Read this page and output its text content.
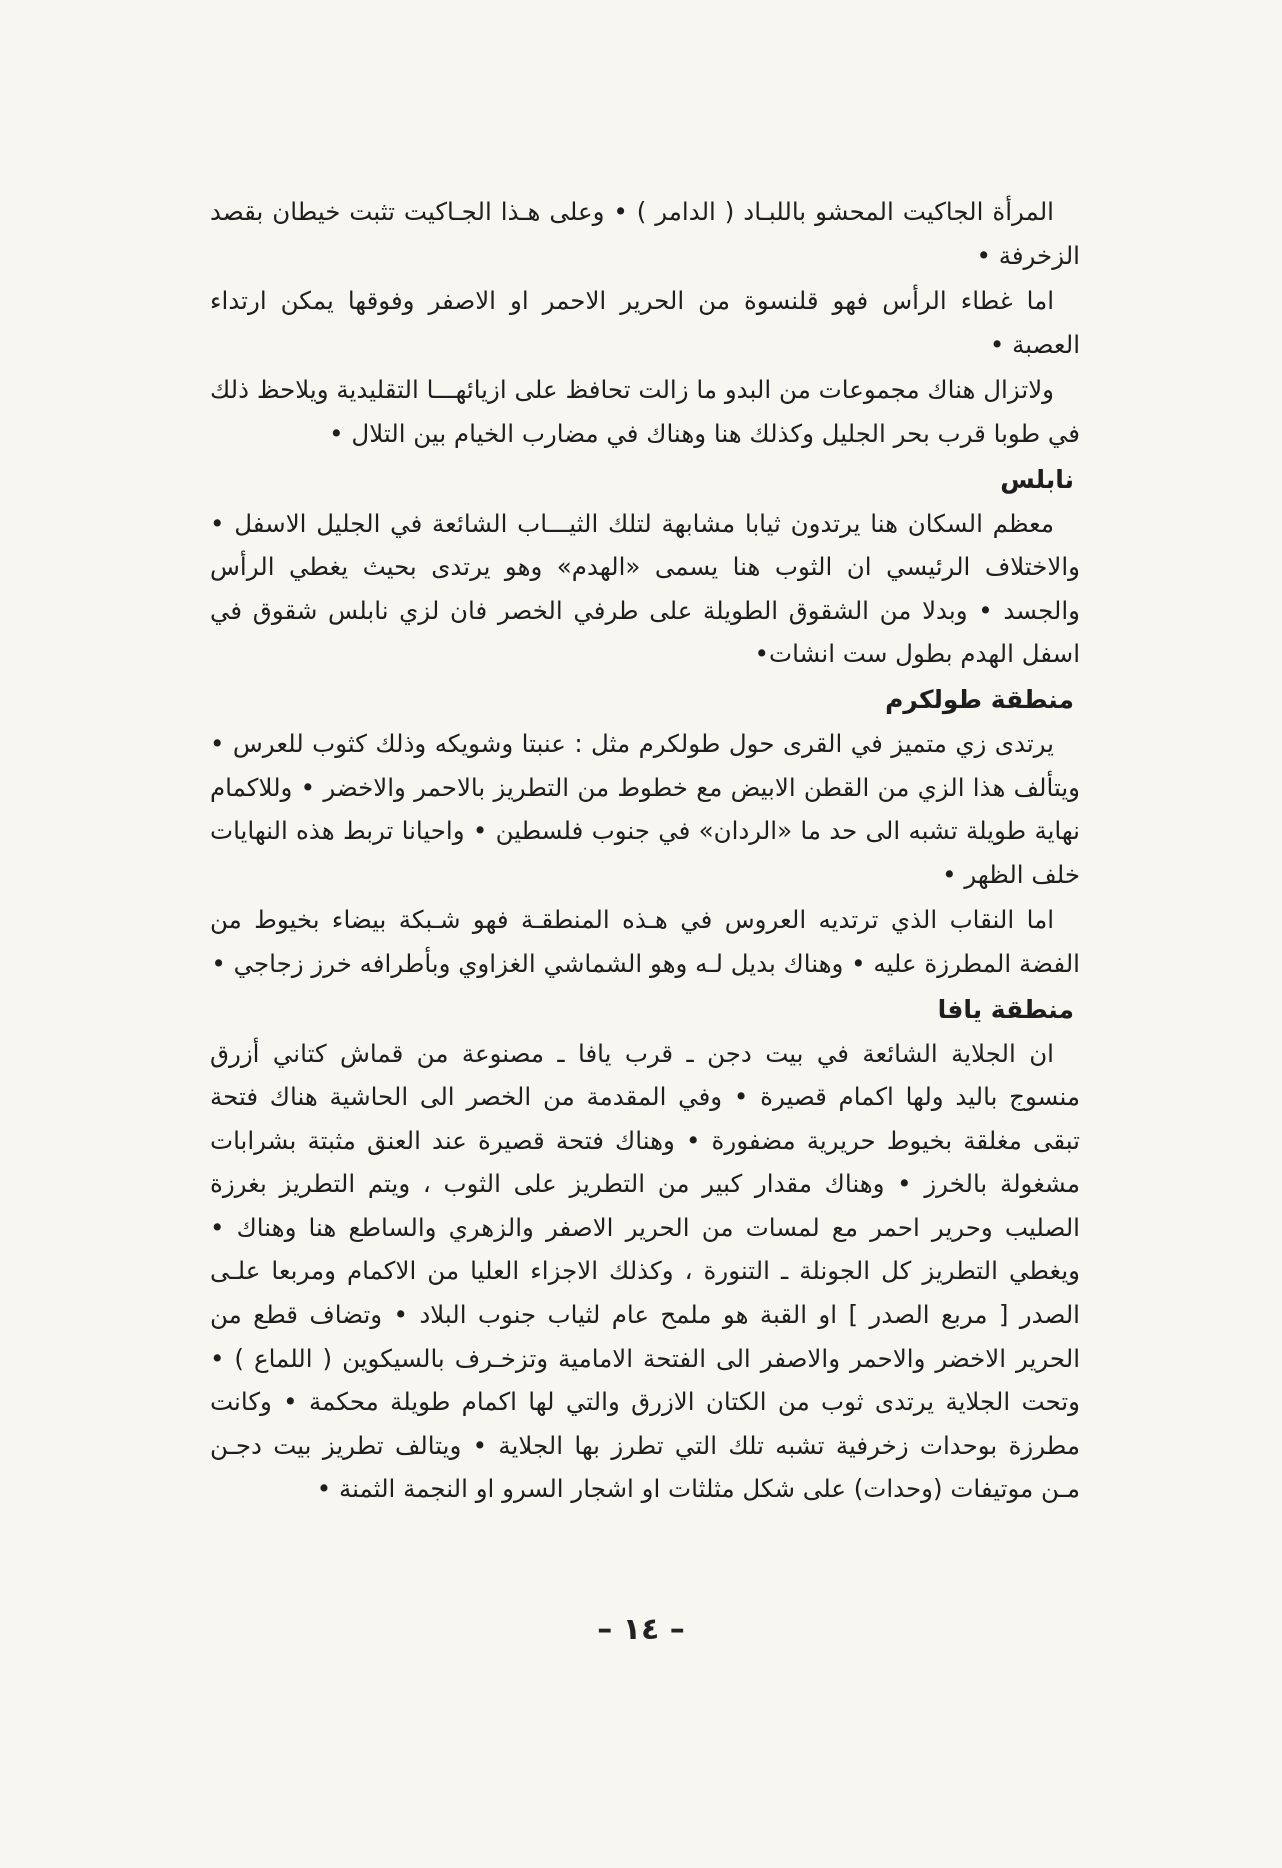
المرأة الجاكيت المحشو باللبـاد ( الدامر ) • وعلى هـذا الجـاكيت تثبت خيطان بقصد الزخرفة •

اما غطاء الرأس فهو قلنسوة من الحرير الاحمر او الاصفر وفوقها يمكن ارتداء العصبة •

ولاتزال هناك مجموعات من البدو ما زالت تحافظ على ازيائهـــا التقليدية ويلاحظ ذلك في طوبا قرب بحر الجليل وكذلك هنا وهناك في مضارب الخيام بين التلال •

نابلس

معظم السكان هنا يرتدون ثيابا مشابهة لتلك الثيـــاب الشائعة في الجليل الاسفل • والاختلاف الرئيسي ان الثوب هنا يسمى «الهدم» وهو يرتدى بحيث يغطي الرأس والجسد • وبدلا من الشقوق الطويلة على طرفي الخصر فان لزي نابلس شقوق في اسفل الهدم بطول ست انشات•

منطقة طولكرم

يرتدى زي متميز في القرى حول طولكرم مثل : عنبتا وشويكه وذلك كثوب للعرس • ويتألف هذا الزي من القطن الابيض مع خطوط من التطريز بالاحمر والاخضر • وللاكمام نهاية طويلة تشبه الى حد ما «الردان» في جنوب فلسطين • واحيانا تربط هذه النهايات خلف الظهر •

اما النقاب الذي ترتديه العروس في هـذه المنطقـة فهو شـبكة بيضاء بخيوط من الفضة المطرزة عليه • وهناك بديل لـه وهو الشماشي الغزاوي وبأطرافه خرز زجاجي •

منطقة يافا

ان الجلاية الشائعة في بيت دجن ـ قرب يافا ـ مصنوعة من قماش كتاني أزرق منسوج باليد ولها اكمام قصيرة • وفي المقدمة من الخصر الى الحاشية هناك فتحة تبقى مغلقة بخيوط حريرية مضفورة • وهناك فتحة قصيرة عند العنق مثبتة بشرابات مشغولة بالخرز • وهناك مقدار كبير من التطريز على الثوب ، ويتم التطريز بغرزة الصليب وحرير احمر مع لمسات من الحرير الاصفر والزهري والساطع هنا وهناك • ويغطي التطريز كل الجونلة ـ التنورة ، وكذلك الاجزاء العليا من الاكمام ومربعا علـى الصدر [ مربع الصدر ] او القبة هو ملمح عام لثياب جنوب البلاد • وتضاف قطع من الحرير الاخضر والاحمر والاصفر الى الفتحة الامامية وتزخـرف بالسيكوين ( اللماع ) • وتحت الجلاية يرتدى ثوب من الكتان الازرق والتي لها اكمام طويلة محكمة • وكانت مطرزة بوحدات زخرفية تشبه تلك التي تطرز بها الجلاية • ويتالف تطريز بيت دجـن مـن موتيفات (وحدات) على شكل مثلثات او اشجار السرو او النجمة الثمنة •

– ١٤ –
